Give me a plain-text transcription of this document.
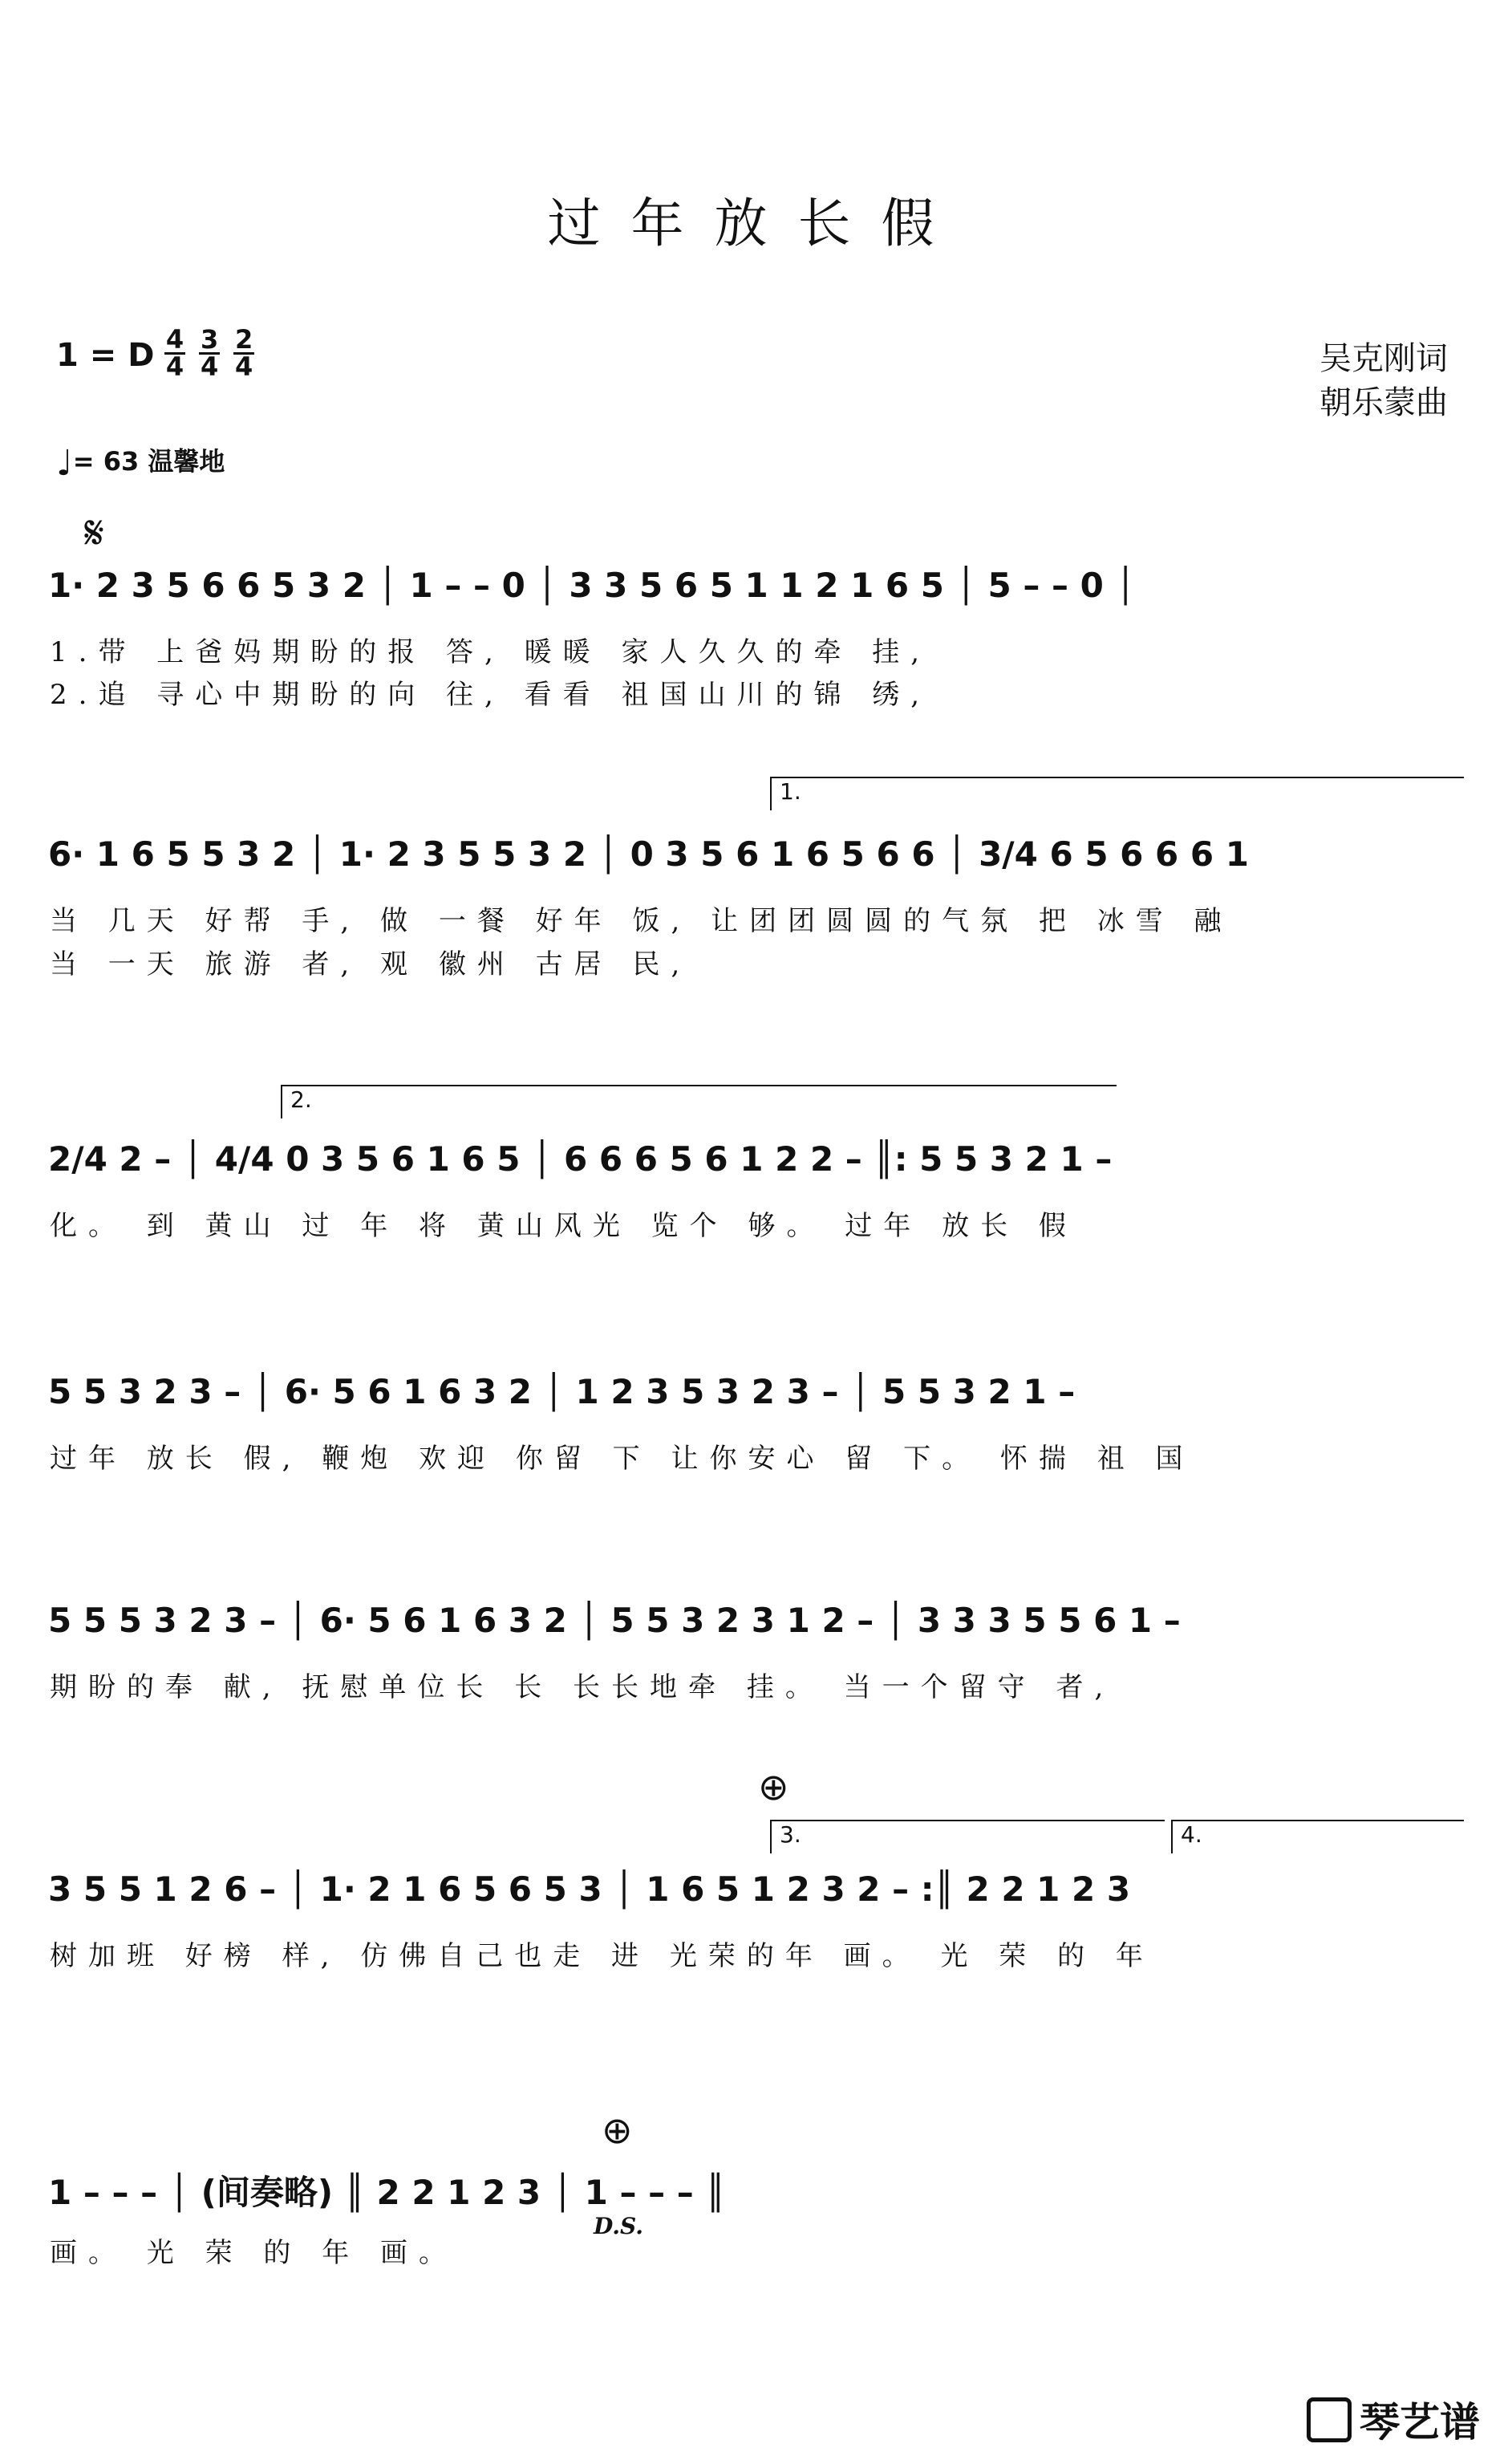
过年放长假
1 = D $\frac{4}{4} \frac{3}{4} \frac{2}{4}$	吴克刚词
朝乐蒙曲
♩= 63 温馨地
𝄋
1· 2 3 5 6 6 5 3 2 │ 1 – – 0 │ 3 3 5 6 5 1 1 2 1 6 5 │ 5 – – 0 │
1.带 上爸妈期盼的报 答, 暖暖 家人久久的牵 挂,
2.追 寻心中期盼的向 往, 看看 祖国山川的锦 绣,
1.
6· 1 6 5 5 3 2 │ 1· 2 3 5 5 3 2 │ 0 3 5 6 1 6 5 6 6 │ 3/4 6 5 6 6 6 1
当 几天 好帮 手, 做 一餐 好年 饭, 让团团圆圆的气氛 把 冰雪 融
当 一天 旅游 者, 观 徽州 古居 民,
2.
2/4 2 – │ 4/4 0 3 5 6 1 6 5 │ 6 6 6 5 6 1 2 2 – ║: 5 5 3 2 1 –
化。 到 黄山 过 年 将 黄山风光 览个 够。 过年 放长 假
5 5 3 2 3 – │ 6· 5 6 1 6 3 2 │ 1 2 3 5 3 2 3 – │ 5 5 3 2 1 –
过年 放长 假, 鞭炮 欢迎 你留 下 让你安心 留 下。 怀揣 祖 国
5 5 5 3 2 3 – │ 6· 5 6 1 6 3 2 │ 5 5 3 2 3 1 2 – │ 3 3 3 5 5 6 1 –
期盼的奉 献, 抚慰单位长 长 长长地牵 挂。 当一个留守 者,
⊕
3.	4.
3 5 5 1 2 6 – │ 1· 2 1 6 5 6 5 3 │ 1 6 5 1 2 3 2 – :║ 2 2 1 2 3
树加班 好榜 样, 仿佛自己也走 进 光荣的年 画。 光 荣 的 年
⊕
1 – – – │ (间奏略) ║ 2 2 1 2 3 │ 1 – – – ║
D.S.
画。 光 荣 的 年 画。
琴艺谱
